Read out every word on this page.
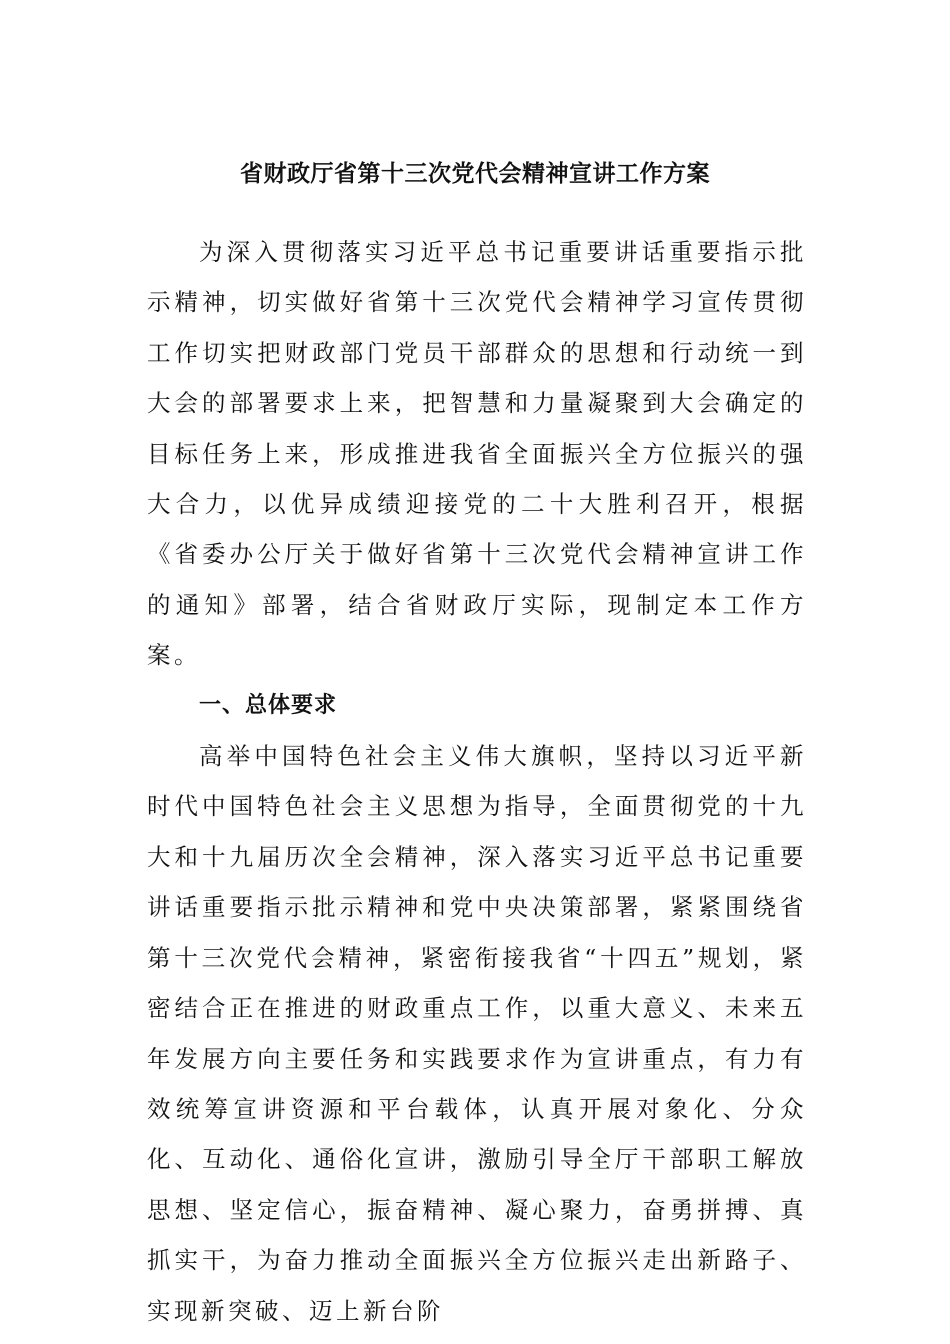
省财政厅省第十三次党代会精神宣讲工作方案

为深入贯彻落实习近平总书记重要讲话重要指示批示精神，切实做好省第十三次党代会精神学习宣传贯彻工作切实把财政部门党员干部群众的思想和行动统一到大会的部署要求上来，把智慧和力量凝聚到大会确定的目标任务上来，形成推进我省全面振兴全方位振兴的强大合力，以优异成绩迎接党的二十大胜利召开，根据《省委办公厅关于做好省第十三次党代会精神宣讲工作的通知》部署，结合省财政厅实际，现制定本工作方案。

一、总体要求

高举中国特色社会主义伟大旗帜，坚持以习近平新时代中国特色社会主义思想为指导，全面贯彻党的十九大和十九届历次全会精神，深入落实习近平总书记重要讲话重要指示批示精神和党中央决策部署，紧紧围绕省第十三次党代会精神，紧密衔接我省“十四五”规划，紧密结合正在推进的财政重点工作，以重大意义、未来五年发展方向主要任务和实践要求作为宣讲重点，有力有效统筹宣讲资源和平台载体，认真开展对象化、分众化、互动化、通俗化宣讲，激励引导全厅干部职工解放思想、坚定信心，振奋精神、凝心聚力，奋勇拼搏、真抓实干，为奋力推动全面振兴全方位振兴走出新路子、实现新突破、迈上新台阶
